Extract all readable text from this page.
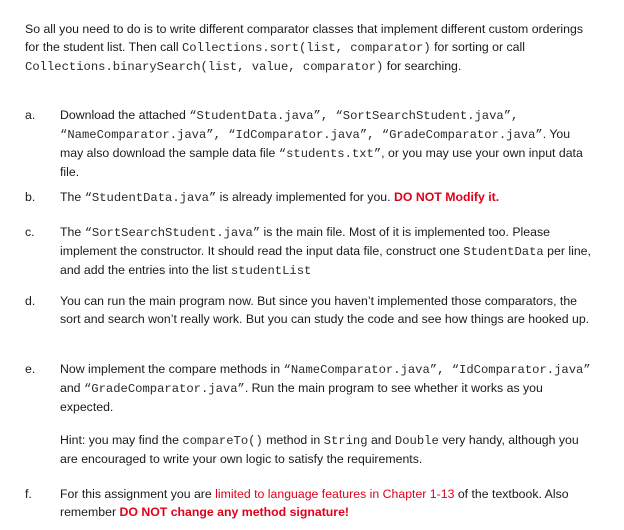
So all you need to do is to write different comparator classes that implement different custom orderings for the student list. Then call Collections.sort(list, comparator) for sorting or call Collections.binarySearch(list, value, comparator) for searching.

a.	Download the attached “StudentData.java”, “SortSearchStudent.java”, “NameComparator.java”, “IdComparator.java”, “GradeComparator.java”. You may also download the sample data file “students.txt”, or you may use your own input data file.

b.	The “StudentData.java” is already implemented for you. DO NOT Modify it.

c.	The “SortSearchStudent.java” is the main file. Most of it is implemented too. Please implement the constructor. It should read the input data file, construct one StudentData per line, and add the entries into the list studentList

d.	You can run the main program now. But since you haven’t implemented those comparators, the sort and search won’t really work. But you can study the code and see how things are hooked up.

e.	Now implement the compare methods in “NameComparator.java”, “IdComparator.java” and “GradeComparator.java”. Run the main program to see whether it works as you expected.

Hint: you may find the compareTo() method in String and Double very handy, although you are encouraged to write your own logic to satisfy the requirements.

f.	For this assignment you are limited to language features in Chapter 1-13 of the textbook. Also remember DO NOT change any method signature!
